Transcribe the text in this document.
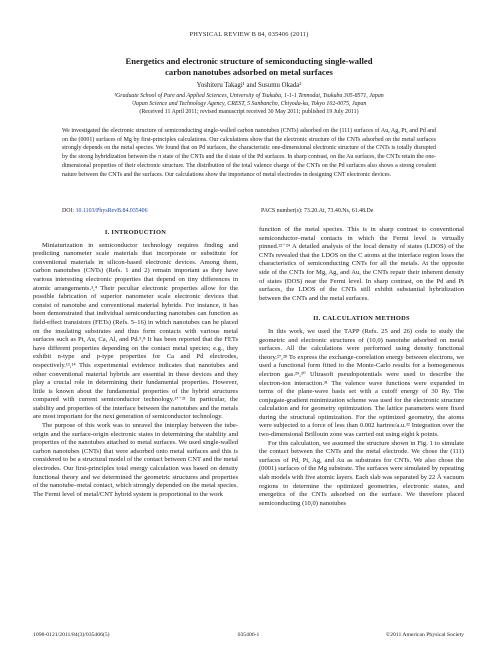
PHYSICAL REVIEW B 84, 035406 (2011)
Energetics and electronic structure of semiconducting single-walled
carbon nanotubes adsorbed on metal surfaces
Yoshiteru Takagi¹ and Susumu Okada²
¹Graduate School of Pure and Applied Sciences, University of Tsukuba, 1-1-1 Tennodai, Tsukuba 305-8571, Japan
²Japan Science and Technology Agency, CREST, 5 Sanbancho, Chiyoda-ku, Tokyo 102-0075, Japan
(Received 11 April 2011; revised manuscript received 30 May 2011; published 19 July 2011)
We investigated the electronic structure of semiconducting single-walled carbon nanotubes (CNTs) adsorbed on the (111) surfaces of Au, Ag, Pt, and Pd and on the (0001) surfaces of Mg by first-principles calculations. Our calculations show that the electronic structure of the CNTs adsorbed on the metal surfaces strongly depends on the metal species. We found that on Pd surfaces, the characteristic one-dimensional electronic structure of the CNTs is totally disrupted by the strong hybridization between the π state of the CNTs and the d state of the Pd surfaces. In sharp contrast, on the Au surfaces, the CNTs retain the one-dimensional properties of their electronic structure. The distribution of the total valence charge of the CNTs on the Pd surfaces also shows a strong covalent nature between the CNTs and the surfaces. Our calculations show the importance of metal electrodes in designing CNT electronic devices.
DOI: 10.1103/PhysRevB.84.035406	PACS number(s): 73.20.At, 73.40.Ns, 61.48.De
I. INTRODUCTION

Miniaturization in semiconductor technology requires finding and predicting nanometer scale materials that incorporate or substitute for conventional materials in silicon-based electronic devices. Among them, carbon nanotubes (CNTs) (Refs. 1 and 2) remain important as they have various interesting electronic properties that depend on tiny differences in atomic arrangements.³,⁴ Their peculiar electronic properties allow for the possible fabrication of superior nanometer scale electronic devices that consist of nanotube and conventional material hybrids. For instance, it has been demonstrated that individual semiconducting nanotubes can function as field-effect transistors (FETs) (Refs. 5–16) in which nanotubes can be placed on the insulating substrates and thus form contacts with various metal surfaces such as Pt, Au, Ca, Al, and Pd.⁵,⁸ It has been reported that the FETs have different properties depending on the contact metal species; e.g., they exhibit n-type and p-type properties for Ca and Pd electrodes, respectively.¹³,¹⁴ This experimental evidence indicates that nanotubes and other conventional material hybrids are essential in these devices and they play a crucial role in determining their fundamental properties. However, little is known about the fundamental properties of the hybrid structures compared with current semiconductor technology.¹⁷⁻²¹ In particular, the stability and properties of the interface between the nanotubes and the metals are most important for the next generation of semiconductor technology.

The purpose of this work was to unravel the interplay between the tube-origin and the surface-origin electronic states in determining the stability and properties of the nanotubes attached to metal surfaces. We used single-walled carbon nanotubes (CNTs) that were adsorbed onto metal surfaces and this is considered to be a structural model of the contact between CNT and the metal electrodes. Our first-principles total energy calculation was based on density functional theory and we determined the geometric structures and properties of the nanotube–metal contact, which strongly depended on the metal species. The Fermi level of metal/CNT hybrid system is proportional to the work

function of the metal species. This is in sharp contrast to conventional semiconductor–metal contacts in which the Fermi level is virtually pinned.²²⁻²⁴ A detailed analysis of the local density of states (LDOS) of the CNTs revealed that the LDOS on the C atoms at the interface region loses the characteristics of semiconducting CNTs for all the metals. At the opposite side of the CNTs for Mg, Ag, and Au, the CNTs repair their inherent density of states (DOS) near the Fermi level. In sharp contrast, on the Pd and Pt surfaces, the LDOS of the CNTs still exhibit substantial hybridization between the CNTs and the metal surfaces.

II. CALCULATION METHODS

In this work, we used the TAPP (Refs. 25 and 26) code to study the geometric and electronic structures of (10,0) nanotube adsorbed on metal surfaces. All the calculations were performed using density functional theory.²⁷,²⁸ To express the exchange-correlation energy between electrons, we used a functional form fitted to the Monte-Carlo results for a homogeneous electron gas.²⁹,³⁰ Ultrasoft pseudopotentials were used to describe the electron-ion interaction.³¹ The valence wave functions were expanded in terms of the plane-wave basis set with a cutoff energy of 30 Ry. The conjugate-gradient minimization scheme was used for the electronic structure calculation and for geometry optimization. The lattice parameters were fixed during the structural optimization. For the optimized geometry, the atoms were subjected to a force of less than 0.002 hartree/a.u.³² Integration over the two-dimensional Brillouin zone was carried out using eight k points.

For this calculation, we assumed the structure shown in Fig. 1 to simulate the contact between the CNTs and the metal electrode. We chose the (111) surfaces of Pd, Pt, Ag, and Au as substrates for CNTs. We also chose the (0001) surfaces of the Mg substrate. The surfaces were simulated by repeating slab models with five atomic layers. Each slab was separated by 22 Å vacuum regions to determine the optimized geometries, electronic states, and energetics of the CNTs adsorbed on the surface. We therefore placed semiconducting (10,0) nanotubes

1098-0121/2011/84(3)/035406(5)	035406-1	©2011 American Physical Society
